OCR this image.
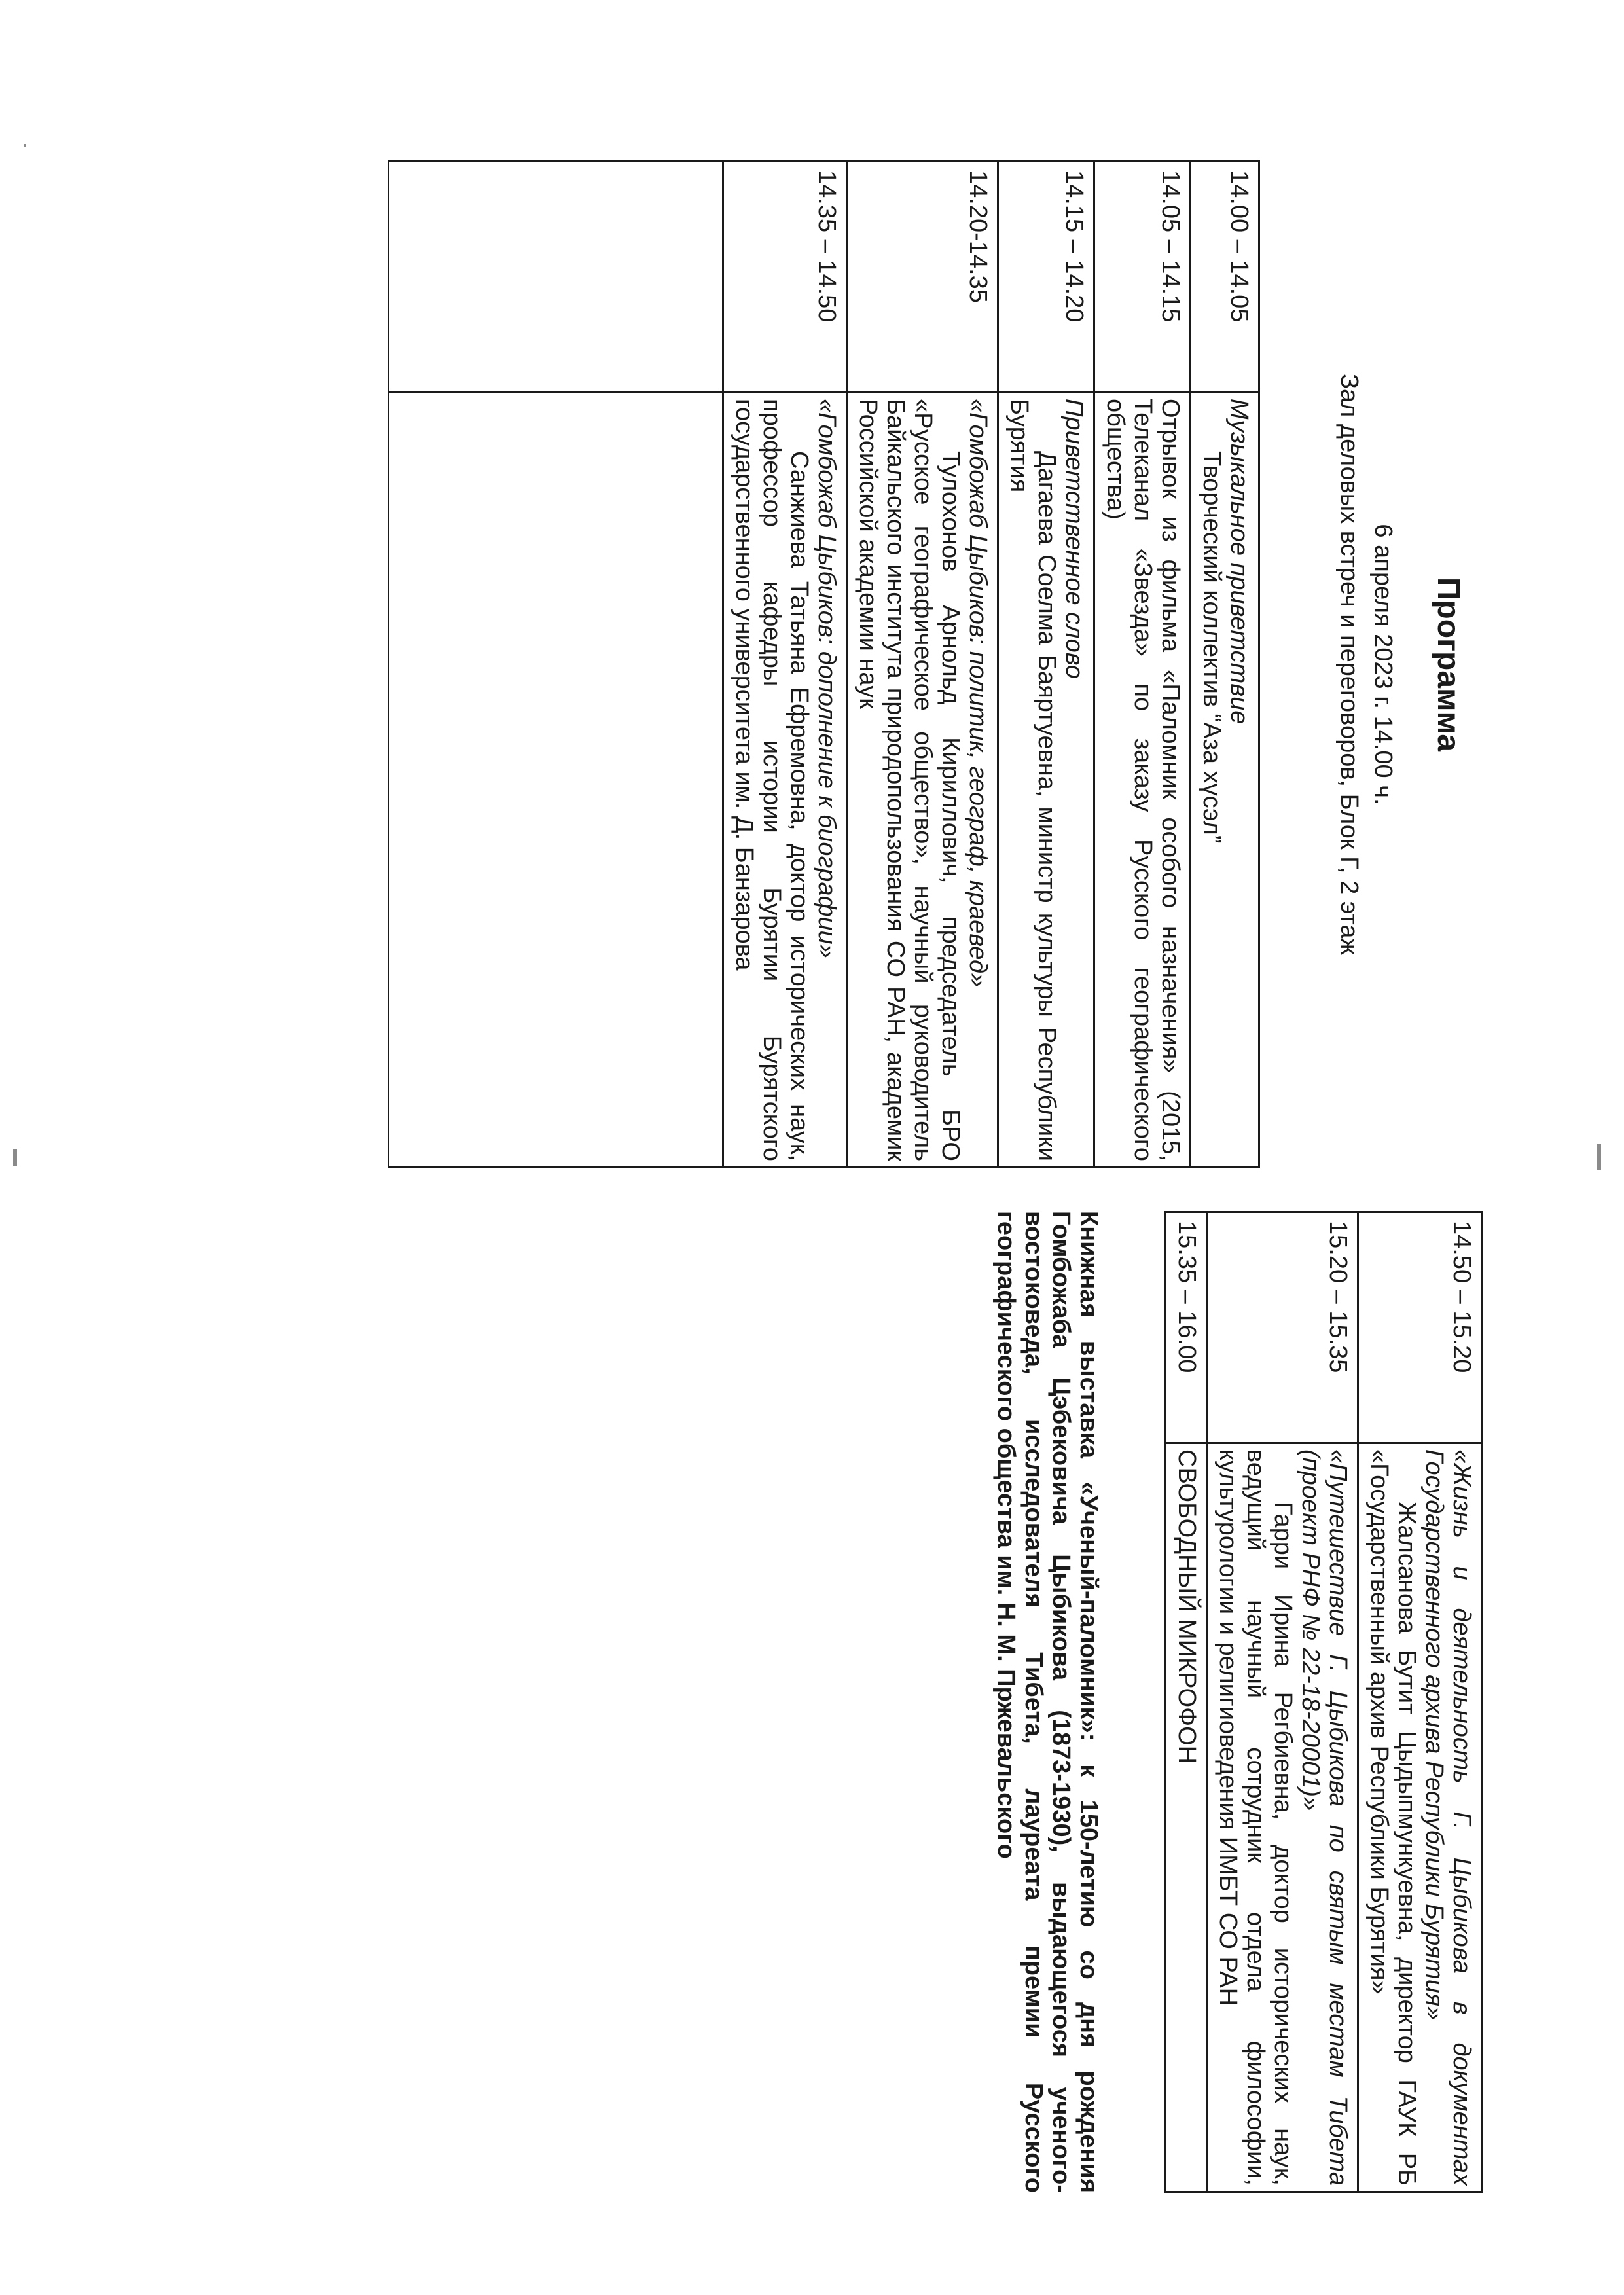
Программа
6 апреля 2023 г. 14.00 ч.
Зал деловых встреч и переговоров, Блок Г, 2 этаж
14.00 – 14.05	Музыкальное приветствие
Творческий коллектив “Аза хүсэл”

14.05 – 14.15	Отрывок из фильма «Паломник особого назначения» (2015, Телеканал «Звезда» по заказу Русского географического общества)

14.15 – 14.20	Приветственное слово
Дагаева Соелма Баяртуевна, министр культуры Республики Бурятия

14.20-14.35	«Гомбожаб Цыбиков: политик, географ, краевед»
Тулохонов Арнольд Кириллович, председатель БРО «Русское географическое общество», научный руководитель Байкальского института природопользования СО РАН, академик Российской академии наук

14.35 – 14.50	«Гомбожаб Цыбиков: дополнение к биографии»
Санжиева Татьяна Ефремовна, доктор исторических наук, профессор кафедры истории Бурятии Бурятского государственного университета им. Д. Банзарова

14.50 – 15.20	«Жизнь и деятельность Г. Цыбикова в документах Государственного архива Республики Бурятия»
Жалсанова Бутит Цыдыпмункуевна, директор ГАУК РБ «Государственный архив Республики Бурятия»

15.20 – 15.35	«Путешествие Г. Цыбикова по святым местам Тибета (проект РНФ № 22-18-20001)»
Гарри Ирина Регбиевна, доктор исторических наук, ведущий научный сотрудник отдела философии, культурологии и религиоведения ИМБТ СО РАН

15.35 – 16.00	СВОБОДНЫЙ МИКРОФОН
Книжная выставка «Ученый-паломник»: к 150-летию со дня рождения Гомбожаба Цэбековича Цыбикова (1873-1930), выдающегося ученого-востоковеда, исследователя Тибета, лауреата премии Русского географического общества им. Н. М. Пржевальского
